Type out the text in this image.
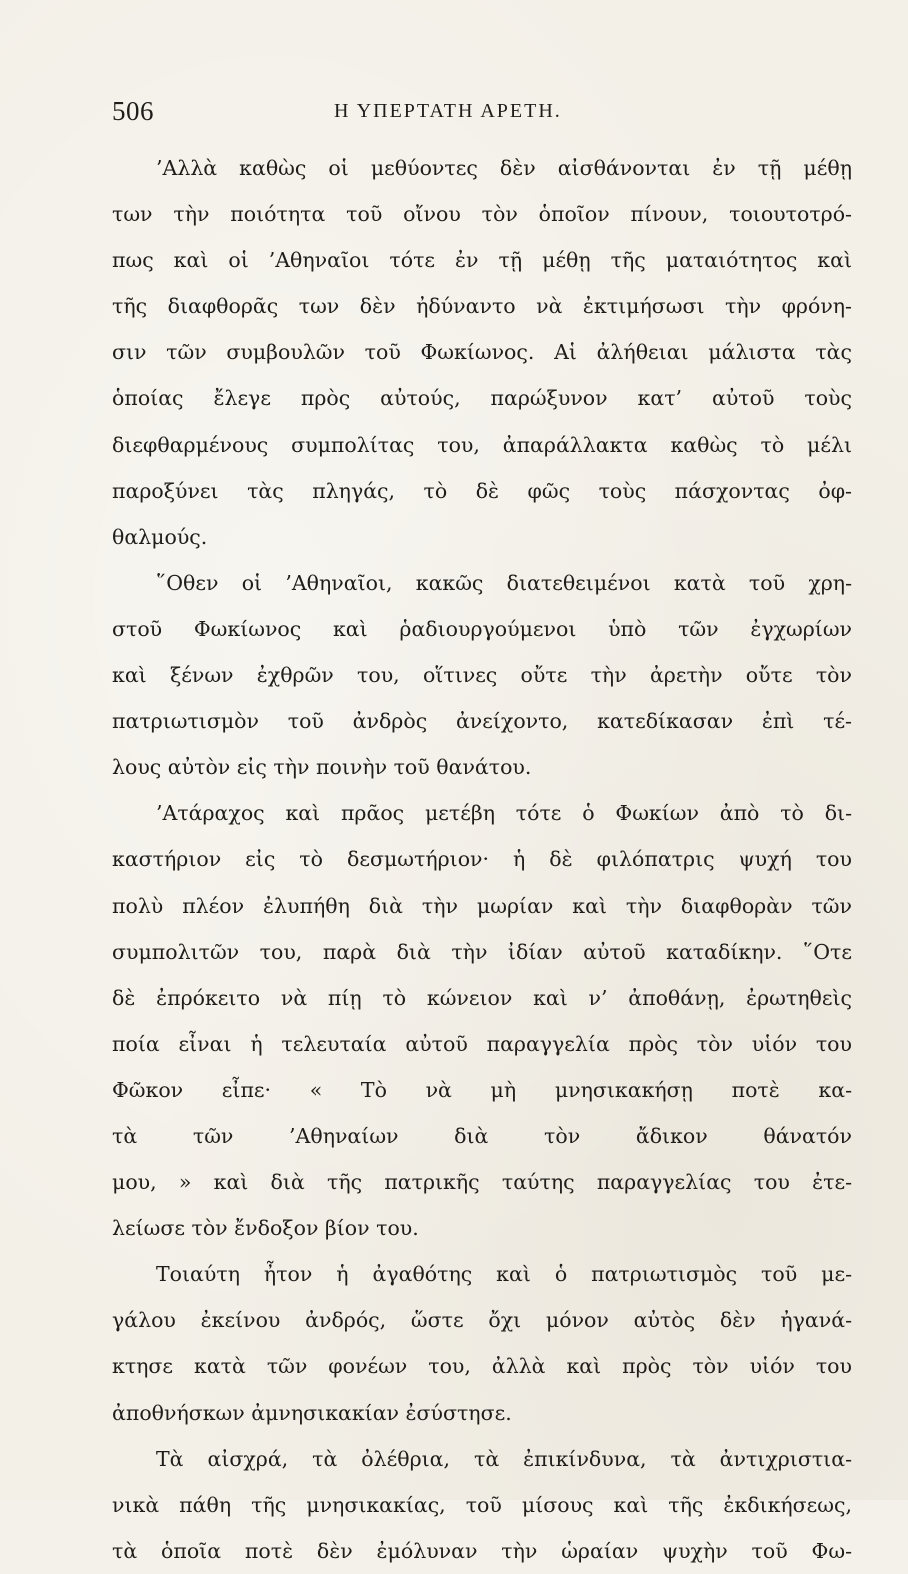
506	Η ΥΠΕΡΤΑΤΗ ΑΡΕΤΗ.
’Αλλὰ καθὼς οἱ μεθύοντες δὲν αἰσθάνονται ἐν τῇ μέθῃ
των τὴν ποιότητα τοῦ οἴνου τὸν ὁποῖον πίνουν, τοιουτοτρό-
πως καὶ οἱ ’Αθηναῖοι τότε ἐν τῇ μέθῃ τῆς ματαιότητος καὶ
τῆς διαφθορᾶς των δὲν ἠδύναντο νὰ ἐκτιμήσωσι τὴν φρόνη-
σιν τῶν συμβουλῶν τοῦ Φωκίωνος. Αἱ ἀλήθειαι μάλιστα τὰς
ὁποίας ἔλεγε πρὸς αὐτούς, παρώξυνον κατ’ αὐτοῦ τοὺς
διεφθαρμένους συμπολίτας του, ἀπαράλλακτα καθὼς τὸ μέλι
παροξύνει τὰς πληγάς, τὸ δὲ φῶς τοὺς πάσχοντας ὀφ-
θαλμούς.
῞Οθεν οἱ ’Αθηναῖοι, κακῶς διατεθειμένοι κατὰ τοῦ χρη-
στοῦ Φωκίωνος καὶ ῥαδιουργούμενοι ὑπὸ τῶν ἐγχωρίων
καὶ ξένων ἐχθρῶν του, οἵτινες οὔτε τὴν ἀρετὴν οὔτε τὸν
πατριωτισμὸν τοῦ ἀνδρὸς ἀνείχοντο, κατεδίκασαν ἐπὶ τέ-
λους αὐτὸν εἰς τὴν ποινὴν τοῦ θανάτου.
’Ατάραχος καὶ πρᾶος μετέβη τότε ὁ Φωκίων ἀπὸ τὸ δι-
καστήριον εἰς τὸ δεσμωτήριον· ἡ δὲ φιλόπατρις ψυχή του
πολὺ πλέον ἐλυπήθη διὰ τὴν μωρίαν καὶ τὴν διαφθορὰν τῶν
συμπολιτῶν του, παρὰ διὰ τὴν ἰδίαν αὐτοῦ καταδίκην. ῞Οτε
δὲ ἐπρόκειτο νὰ πίῃ τὸ κώνειον καὶ ν’ ἀποθάνῃ, ἐρωτηθεὶς
ποία εἶναι ἡ τελευταία αὐτοῦ παραγγελία πρὸς τὸν υἱόν του
Φῶκον εἶπε· « Τὸ νὰ μὴ μνησικακήσῃ ποτὲ κα-
τὰ τῶν ’Αθηναίων διὰ τὸν ἄδικον θάνατόν
μου, » καὶ διὰ τῆς πατρικῆς ταύτης παραγγελίας του ἐτε-
λείωσε τὸν ἔνδοξον βίον του.
Τοιαύτη ἦτον ἡ ἀγαθότης καὶ ὁ πατριωτισμὸς τοῦ με-
γάλου ἐκείνου ἀνδρός, ὥστε ὄχι μόνον αὐτὸς δὲν ἠγανά-
κτησε κατὰ τῶν φονέων του, ἀλλὰ καὶ πρὸς τὸν υἱόν του
ἀποθνήσκων ἀμνησικακίαν ἐσύστησε.
Τὰ αἰσχρά, τὰ ὀλέθρια, τὰ ἐπικίνδυνα, τὰ ἀντιχριστια-
νικὰ πάθη τῆς μνησικακίας, τοῦ μίσους καὶ τῆς ἐκδικήσεως,
τὰ ὁποῖα ποτὲ δὲν ἐμόλυναν τὴν ὡραίαν ψυχὴν τοῦ Φω-
